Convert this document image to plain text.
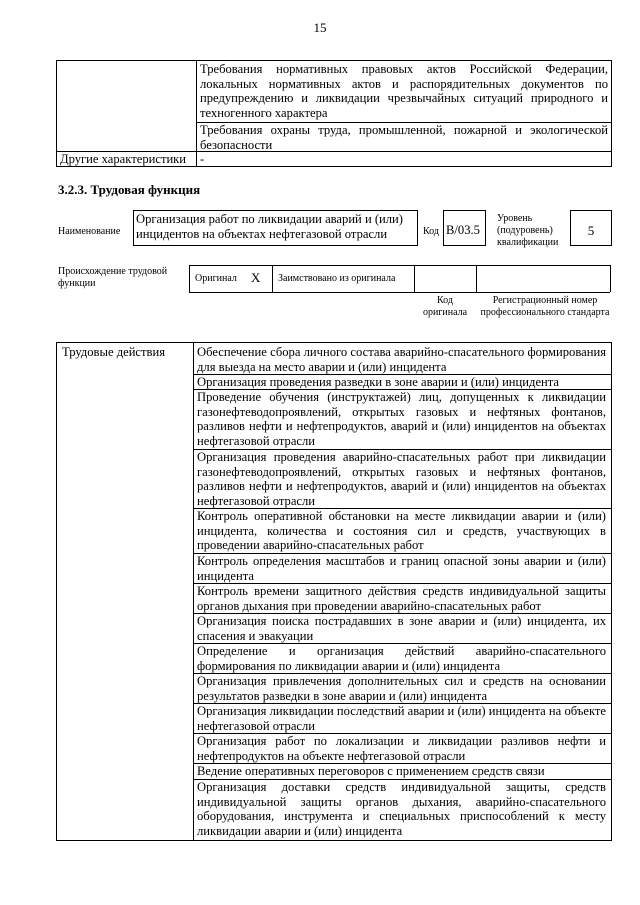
15
Требования нормативных правовых актов Российской Федерации, локальных нормативных актов и распорядительных документов по предупреждению и ликвидации чрезвычайных ситуаций природного и техногенного характера
Требования охраны труда, промышленной, пожарной и экологической безопасности
Другие характеристики -
3.2.3. Трудовая функция
Наименование
Организация работ по ликвидации аварий и (или) инцидентов на объектах нефтегазовой отрасли	Код В/03.5
Уровень (подуровень) квалификации
5
Происхождение трудовой функции	Оригинал X Заимствовано из оригинала
Код оригинала
Регистрационный номер профессионального стандарта
Трудовые действия	Обеспечение сбора личного состава аварийно-спасательного формирования для выезда на место аварии и (или) инцидента
Организация проведения разведки в зоне аварии и (или) инцидента
Проведение обучения (инструктажей) лиц, допущенных к ликвидации газонефтеводопроявлений, открытых газовых и нефтяных фонтанов, разливов нефти и нефтепродуктов, аварий и (или) инцидентов на объектах нефтегазовой отрасли
Организация проведения аварийно-спасательных работ при ликвидации газонефтеводопроявлений, открытых газовых и нефтяных фонтанов, разливов нефти и нефтепродуктов, аварий и (или) инцидентов на объектах нефтегазовой отрасли
Контроль оперативной обстановки на месте ликвидации аварии и (или) инцидента, количества и состояния сил и средств, участвующих в проведении аварийно-спасательных работ
Контроль определения масштабов и границ опасной зоны аварии и (или) инцидента
Контроль времени защитного действия средств индивидуальной защиты органов дыхания при проведении аварийно-спасательных работ
Организация поиска пострадавших в зоне аварии и (или) инцидента, их спасения и эвакуации
Определение и организация действий аварийно-спасательного формирования по ликвидации аварии и (или) инцидента
Организация привлечения дополнительных сил и средств на основании результатов разведки в зоне аварии и (или) инцидента
Организация ликвидации последствий аварии и (или) инцидента на объекте нефтегазовой отрасли
Организация работ по локализации и ликвидации разливов нефти и нефтепродуктов на объекте нефтегазовой отрасли
Ведение оперативных переговоров с применением средств связи
Организация доставки средств индивидуальной защиты, средств индивидуальной защиты органов дыхания, аварийно-спасательного оборудования, инструмента и специальных приспособлений к месту ликвидации аварии и (или) инцидента
